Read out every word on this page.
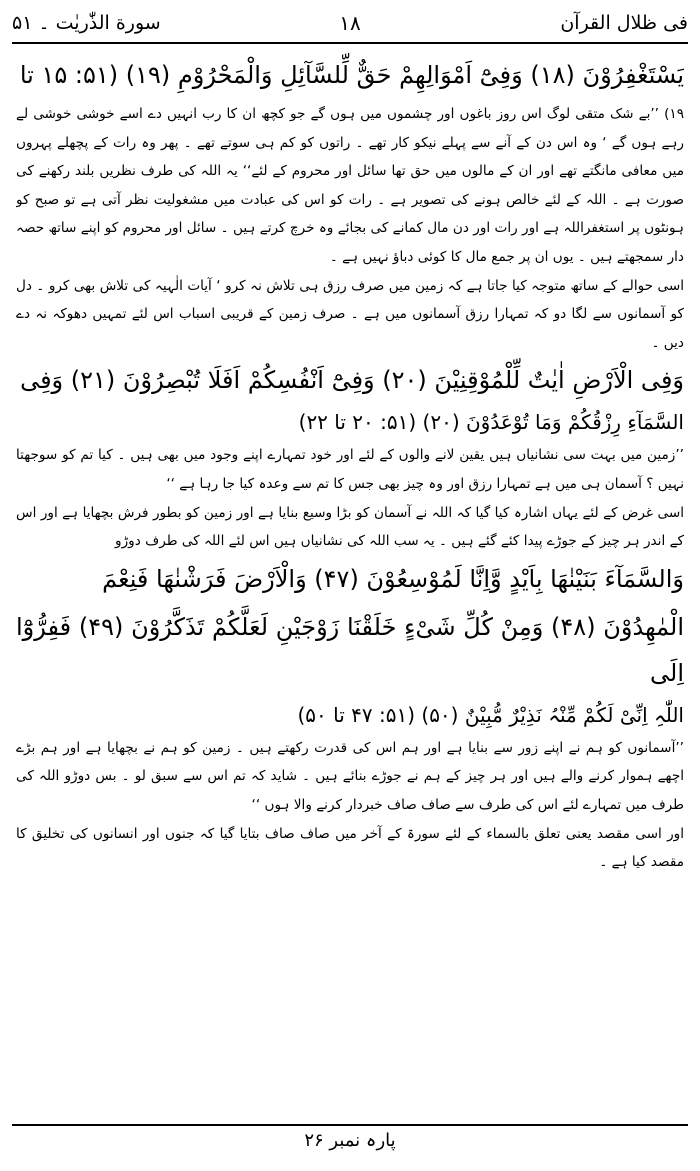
فی ظلال القرآن
۱۸
سورة الذّٰریٰت ۔ ۵۱

یَسْتَغْفِرُوْنَ (۱۸) وَفِیْٓ اَمْوَالِھِمْ حَقٌّ لِّلسَّآئِلِ وَالْمَحْرُوْمِ (۱۹) (۵۱: ۱۵ تا

۱۹) ’’بے شک متقی لوگ اس روز باغوں اور چشموں میں ہوں گے جو کچھ ان کا رب انہیں دے اسے خوشی خوشی لے رہے ہوں گے ‘ وہ اس دن کے آنے سے پہلے نیکو کار تھے ۔ راتوں کو کم ہی سوتے تھے ۔ پھر وہ رات کے پچھلے پہروں میں معافی مانگتے تھے اور ان کے مالوں میں حق تھا سائل اور محروم کے لئے‘‘ یہ اللہ کی طرف نظریں بلند رکھنے کی صورت ہے ۔ اللہ کے لئے خالص ہونے کی تصویر ہے ۔ رات کو اس کی عبادت میں مشغولیت نظر آتی ہے تو صبح کو ہونٹوں پر استغفراللہ ہے اور رات اور دن مال کمانے کی بجائے وہ خرچ کرتے ہیں ۔ سائل اور محروم کو اپنے ساتھ حصہ دار سمجھتے ہیں ۔ یوں ان پر جمع مال کا کوئی دباؤ نہیں ہے ۔

اسی حوالے کے ساتھ متوجہ کیا جاتا ہے کہ زمین میں صرف رزق ہی تلاش نہ کرو ‘ آیات الٰہیہ کی تلاش بھی کرو ۔ دل کو آسمانوں سے لگا دو کہ تمہارا رزق آسمانوں میں ہے ۔ صرف زمین کے قریبی اسباب اس لئے تمہیں دھوکہ نہ دے دیں ۔

وَفِی الْاَرْضِ اٰیٰتٌ لِّلْمُوْقِنِیْنَ (۲۰) وَفِیْٓ اَنْفُسِکُمْ اَفَلَا تُبْصِرُوْنَ (۲۱) وَفِی

السَّمَآءِ رِزْقُکُمْ وَمَا تُوْعَدُوْنَ (۲۰) (۵۱: ۲۰ تا ۲۲)

’’زمین میں بہت سی نشانیاں ہیں یقین لانے والوں کے لئے اور خود تمہارے اپنے وجود میں بھی ہیں ۔ کیا تم کو سوجھتا نہیں ؟ آسمان ہی میں ہے تمہارا رزق اور وہ چیز بھی جس کا تم سے وعدہ کیا جا رہا ہے ‘‘

اسی غرض کے لئے یہاں اشارہ کیا گیا کہ اللہ نے آسمان کو بڑا وسیع بنایا ہے اور زمین کو بطور فرش بچھایا ہے اور اس کے اندر ہر چیز کے جوڑے پیدا کئے گئے ہیں ۔ یہ سب اللہ کی نشانیاں ہیں اس لئے اللہ کی طرف دوڑو

وَالسَّمَآءَ بَنَیْنٰھَا بِاَیْدٍ وَّاِنَّا لَمُوْسِعُوْنَ (۴۷) وَالْاَرْضَ فَرَشْنٰھَا فَنِعْمَ

الْمٰھِدُوْنَ (۴۸) وَمِنْ کُلِّ شَیْءٍ خَلَقْنَا زَوْجَیْنِ لَعَلَّکُمْ تَذَکَّرُوْنَ (۴۹) فَفِرُّوْٓا اِلَی

اللّٰہِ اِنِّیْ لَکُمْ مِّنْہُ نَذِیْرٌ مُّبِیْنٌ (۵۰) (۵۱: ۴۷ تا ۵۰)

’’آسمانوں کو ہم نے اپنے زور سے بنایا ہے اور ہم اس کی قدرت رکھتے ہیں ۔ زمین کو ہم نے بچھایا ہے اور ہم بڑے اچھے ہموار کرنے والے ہیں اور ہر چیز کے ہم نے جوڑے بنائے ہیں ۔ شاید کہ تم اس سے سبق لو ۔ بس دوڑو اللہ کی طرف میں تمہارے لئے اس کی طرف سے صاف صاف خبردار کرنے والا ہوں ‘‘

اور اسی مقصد یعنی تعلق بالسماء کے لئے سورۃ کے آخر میں صاف صاف بتایا گیا کہ جنوں اور انسانوں کی تخلیق کا مقصد کیا ہے ۔

پارہ نمبر ۲۶
